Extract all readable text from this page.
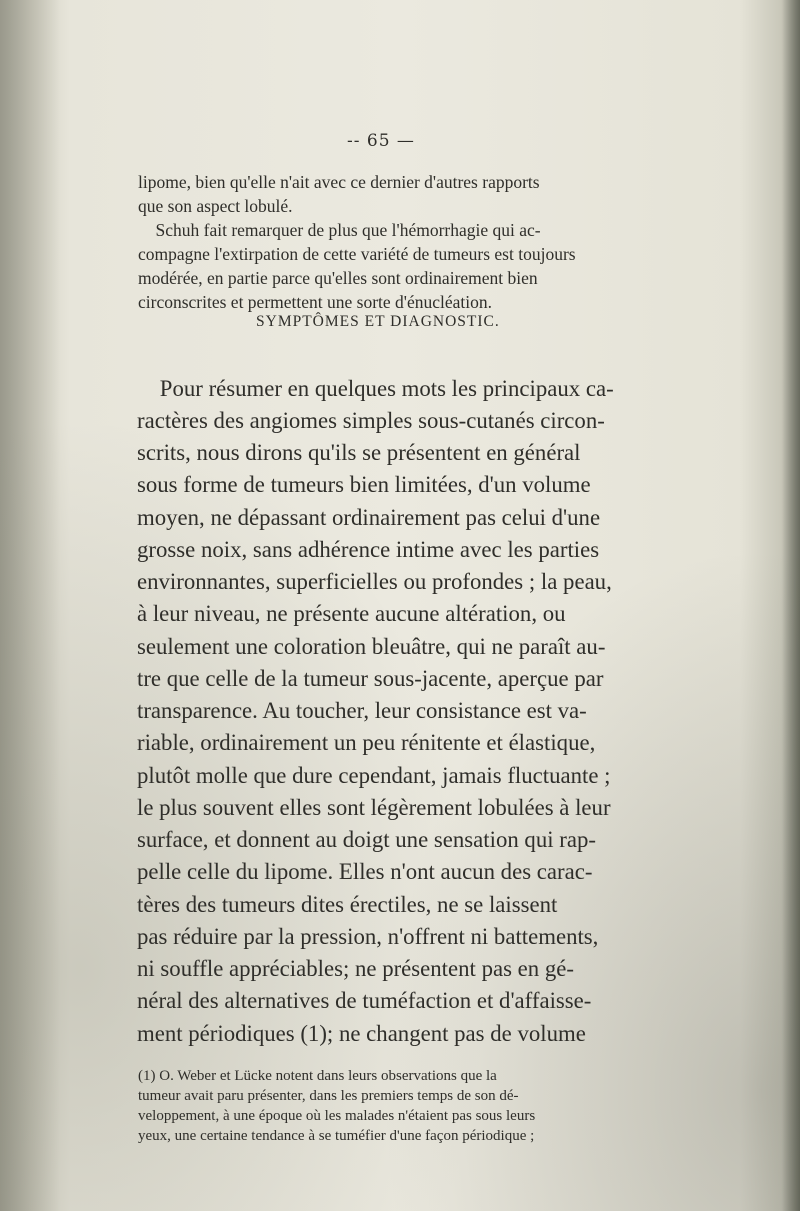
-- 65 —
lipome, bien qu'elle n'ait avec ce dernier d'autres rapports
que son aspect lobulé.
Schuh fait remarquer de plus que l'hémorrhagie qui ac-
compagne l'extirpation de cette variété de tumeurs est toujours
modérée, en partie parce qu'elles sont ordinairement bien
circonscrites et permettent une sorte d'énucléation.
SYMPTÔMES ET DIAGNOSTIC.
Pour résumer en quelques mots les principaux ca-
ractères des angiomes simples sous-cutanés circon-
scrits, nous dirons qu'ils se présentent en général
sous forme de tumeurs bien limitées, d'un volume
moyen, ne dépassant ordinairement pas celui d'une
grosse noix, sans adhérence intime avec les parties
environnantes, superficielles ou profondes ; la peau,
à leur niveau, ne présente aucune altération, ou
seulement une coloration bleuâtre, qui ne paraît au-
tre que celle de la tumeur sous-jacente, aperçue par
transparence. Au toucher, leur consistance est va-
riable, ordinairement un peu rénitente et élastique,
plutôt molle que dure cependant, jamais fluctuante ;
le plus souvent elles sont légèrement lobulées à leur
surface, et donnent au doigt une sensation qui rap-
pelle celle du lipome. Elles n'ont aucun des carac-
tères des tumeurs dites érectiles, ne se laissent
pas réduire par la pression, n'offrent ni battements,
ni souffle appréciables; ne présentent pas en gé-
néral des alternatives de tuméfaction et d'affaisse-
ment périodiques (1); ne changent pas de volume
(1) O. Weber et Lücke notent dans leurs observations que la
tumeur avait paru présenter, dans les premiers temps de son dé-
veloppement, à une époque où les malades n'étaient pas sous leurs
yeux, une certaine tendance à se tuméfier d'une façon périodique ;
